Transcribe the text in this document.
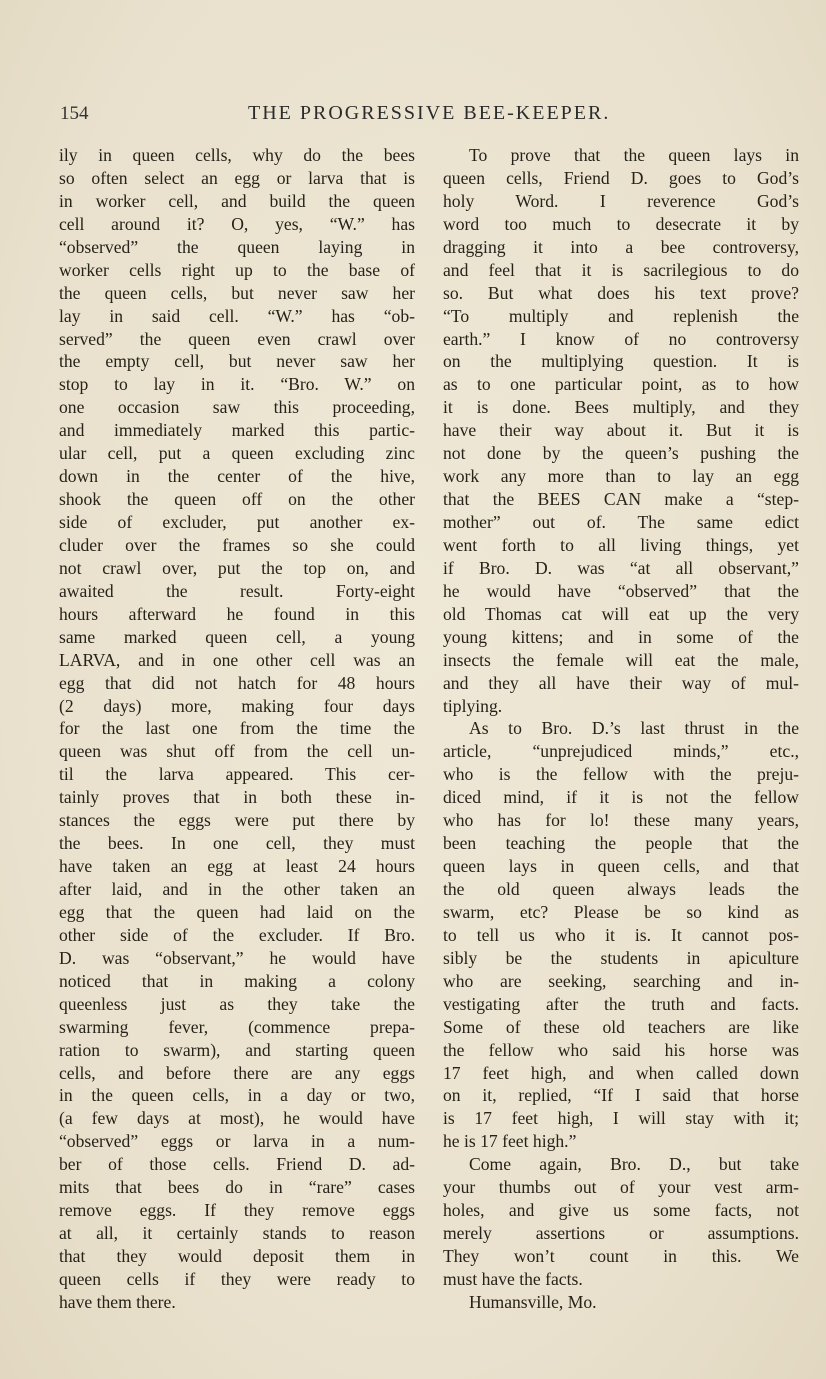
154	THE PROGRESSIVE BEE-KEEPER.
ily in queen cells, why do the bees
so often select an egg or larva that is
in worker cell, and build the queen
cell around it? O, yes, “W.” has
“observed” the queen laying in
worker cells right up to the base of
the queen cells, but never saw her
lay in said cell. “W.” has “ob-
served” the queen even crawl over
the empty cell, but never saw her
stop to lay in it. “Bro. W.” on
one occasion saw this proceeding,
and immediately marked this partic-
ular cell, put a queen excluding zinc
down in the center of the hive,
shook the queen off on the other
side of excluder, put another ex-
cluder over the frames so she could
not crawl over, put the top on, and
awaited the result. Forty-eight
hours afterward he found in this
same marked queen cell, a young
LARVA, and in one other cell was an
egg that did not hatch for 48 hours
(2 days) more, making four days
for the last one from the time the
queen was shut off from the cell un-
til the larva appeared. This cer-
tainly proves that in both these in-
stances the eggs were put there by
the bees. In one cell, they must
have taken an egg at least 24 hours
after laid, and in the other taken an
egg that the queen had laid on the
other side of the excluder. If Bro.
D. was “observant,” he would have
noticed that in making a colony
queenless just as they take the
swarming fever, (commence prepa-
ration to swarm), and starting queen
cells, and before there are any eggs
in the queen cells, in a day or two,
(a few days at most), he would have
“observed” eggs or larva in a num-
ber of those cells. Friend D. ad-
mits that bees do in “rare” cases
remove eggs. If they remove eggs
at all, it certainly stands to reason
that they would deposit them in
queen cells if they were ready to
have them there.
To prove that the queen lays in
queen cells, Friend D. goes to God’s
holy Word. I reverence God’s
word too much to desecrate it by
dragging it into a bee controversy,
and feel that it is sacrilegious to do
so. But what does his text prove?
“To multiply and replenish the
earth.” I know of no controversy
on the multiplying question. It is
as to one particular point, as to how
it is done. Bees multiply, and they
have their way about it. But it is
not done by the queen’s pushing the
work any more than to lay an egg
that the BEES CAN make a “step-
mother” out of. The same edict
went forth to all living things, yet
if Bro. D. was “at all observant,”
he would have “observed” that the
old Thomas cat will eat up the very
young kittens; and in some of the
insects the female will eat the male,
and they all have their way of mul-
tiplying.
As to Bro. D.’s last thrust in the
article, “unprejudiced minds,” etc.,
who is the fellow with the preju-
diced mind, if it is not the fellow
who has for lo! these many years,
been teaching the people that the
queen lays in queen cells, and that
the old queen always leads the
swarm, etc? Please be so kind as
to tell us who it is. It cannot pos-
sibly be the students in apiculture
who are seeking, searching and in-
vestigating after the truth and facts.
Some of these old teachers are like
the fellow who said his horse was
17 feet high, and when called down
on it, replied, “If I said that horse
is 17 feet high, I will stay with it;
he is 17 feet high.”
Come again, Bro. D., but take
your thumbs out of your vest arm-
holes, and give us some facts, not
merely assertions or assumptions.
They won’t count in this. We
must have the facts.
Humansville, Mo.
